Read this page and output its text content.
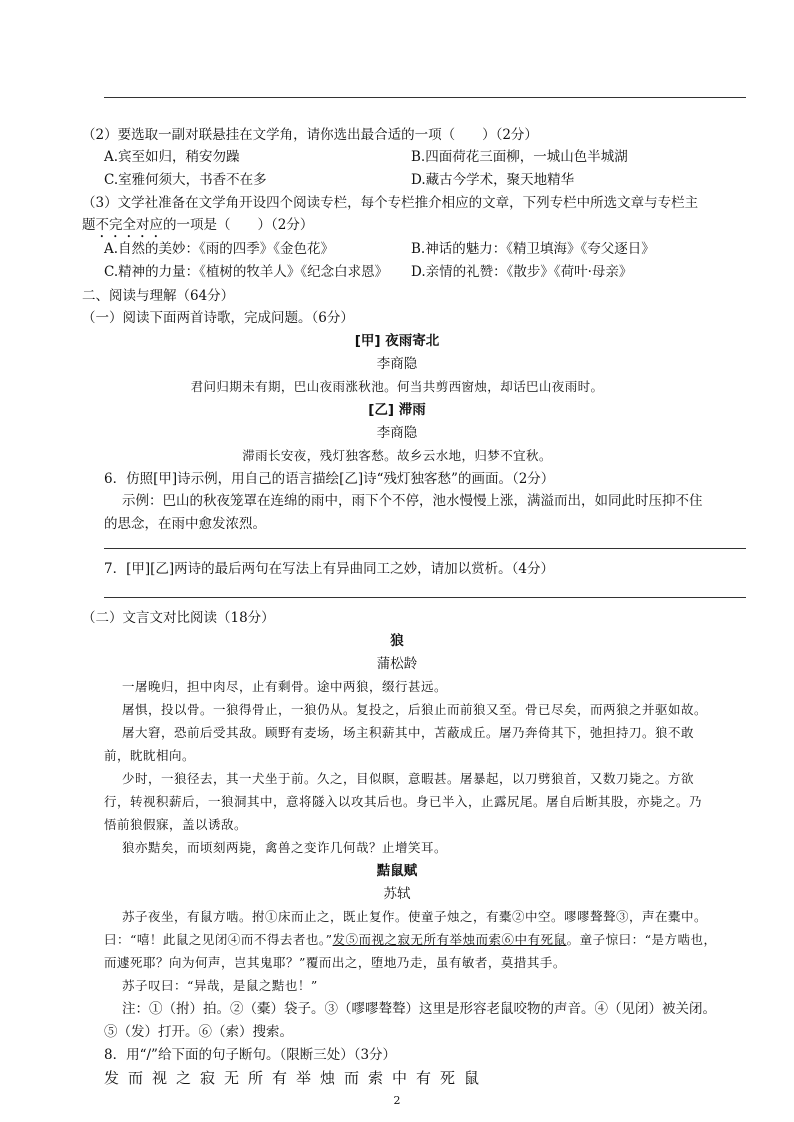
（2）要选取一副对联悬挂在文学角，请你选出最合适的一项（　　）（2分）
A.宾至如归，稍安勿躁	B.四面荷花三面柳，一城山色半城湖
C.室雅何须大，书香不在多	D.藏古今学术，聚天地精华
（3）文学社准备在文学角开设四个阅读专栏，每个专栏推介相应的文章，下列专栏中所选文章与专栏主
题不完全对应的一项是（　　）（2分）
A.自然的美妙：《雨的四季》《金色花》	B.神话的魅力：《精卫填海》《夸父逐日》
C.精神的力量：《植树的牧羊人》《纪念白求恩》 D.亲情的礼赞：《散步》《荷叶·母亲》
二、阅读与理解（64分）
（一）阅读下面两首诗歌，完成问题。（6分）
[甲] 夜雨寄北
李商隐
君问归期未有期，巴山夜雨涨秋池。何当共剪西窗烛，却话巴山夜雨时。
[乙] 滞雨
李商隐
滞雨长安夜，残灯独客愁。故乡云水地，归梦不宜秋。
6．仿照[甲]诗示例，用自己的语言描绘[乙]诗“残灯独客愁”的画面。（2分）
示例：巴山的秋夜笼罩在连绵的雨中，雨下个不停，池水慢慢上涨，满溢而出，如同此时压抑不住
的思念，在雨中愈发浓烈。
7．[甲][乙]两诗的最后两句在写法上有异曲同工之妙，请加以赏析。（4分）
（二）文言文对比阅读（18分）
狼
蒲松龄
一屠晚归，担中肉尽，止有剩骨。途中两狼，缀行甚远。
屠惧，投以骨。一狼得骨止，一狼仍从。复投之，后狼止而前狼又至。骨已尽矣，而两狼之并驱如故。
屠大窘，恐前后受其敌。顾野有麦场，场主积薪其中，苫蔽成丘。屠乃奔倚其下，弛担持刀。狼不敢
前，眈眈相向。
少时，一狼径去，其一犬坐于前。久之，目似瞑，意暇甚。屠暴起，以刀劈狼首，又数刀毙之。方欲
行，转视积薪后，一狼洞其中，意将隧入以攻其后也。身已半入，止露尻尾。屠自后断其股，亦毙之。乃
悟前狼假寐，盖以诱敌。
狼亦黠矣，而顷刻两毙，禽兽之变诈几何哉？止增笑耳。
黠鼠赋
苏轼
苏子夜坐，有鼠方啮。拊①床而止之，既止复作。使童子烛之，有橐②中空。嘐嘐聱聱③，声在橐中。
曰：“嘻！此鼠之见闭④而不得去者也。”发⑤而视之寂无所有举烛而索⑥中有死鼠。童子惊曰：“是方啮也，
而遽死耶？向为何声，岂其鬼耶？”覆而出之，堕地乃走，虽有敏者，莫措其手。
苏子叹曰：“异哉，是鼠之黠也！”
注：①（拊）拍。②（橐）袋子。③（嘐嘐聱聱）这里是形容老鼠咬物的声音。④（见闭）被关闭。
⑤（发）打开。⑥（索）搜索。
8．用“/”给下面的句子断句。（限断三处）（3分）
发而视之寂无所有举烛而索中有死鼠
2
